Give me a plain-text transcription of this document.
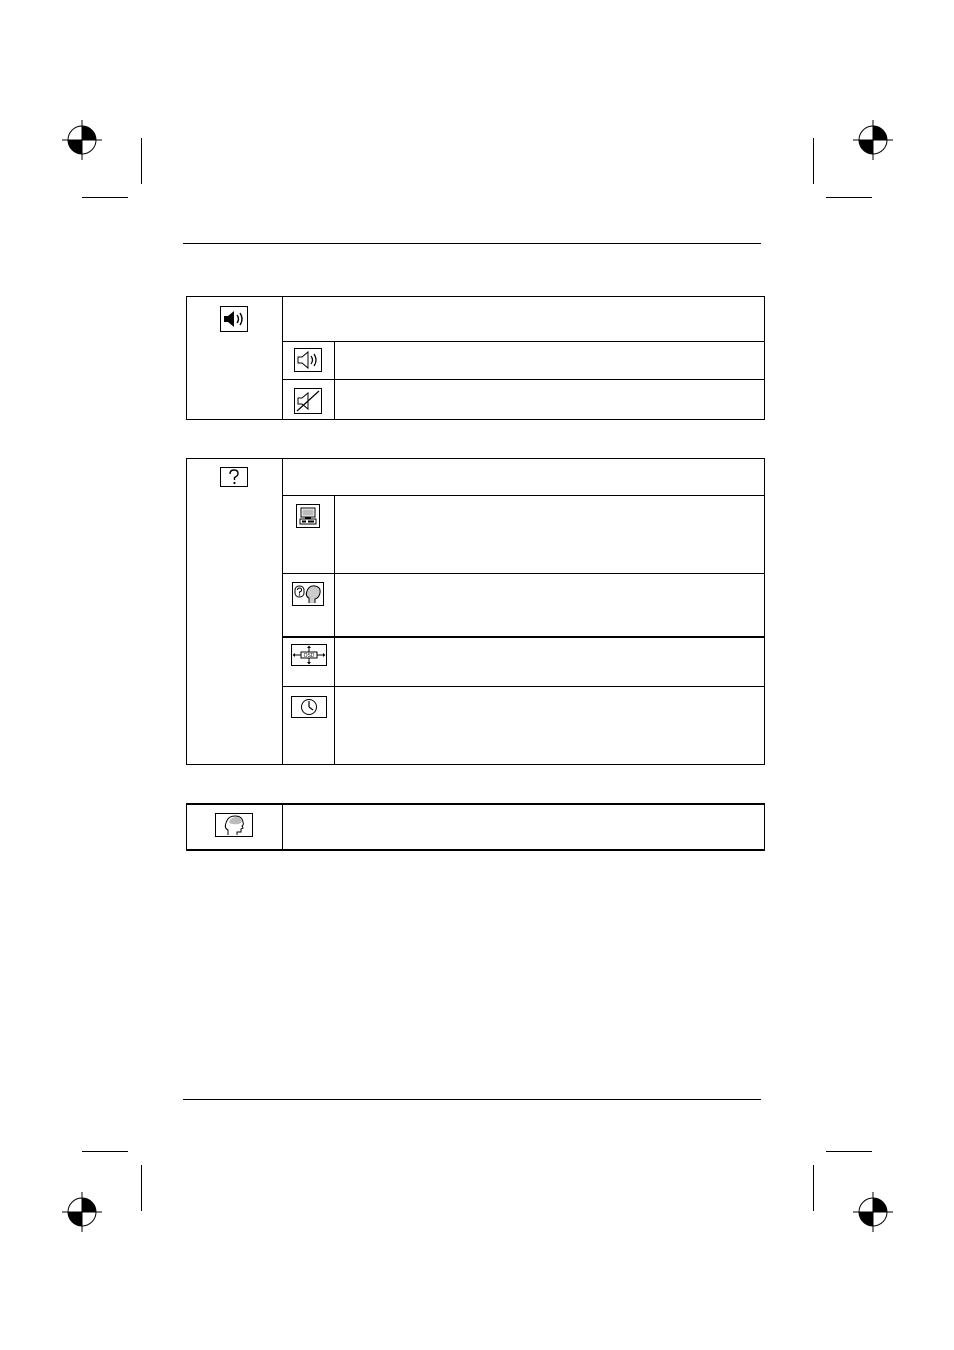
OSD
